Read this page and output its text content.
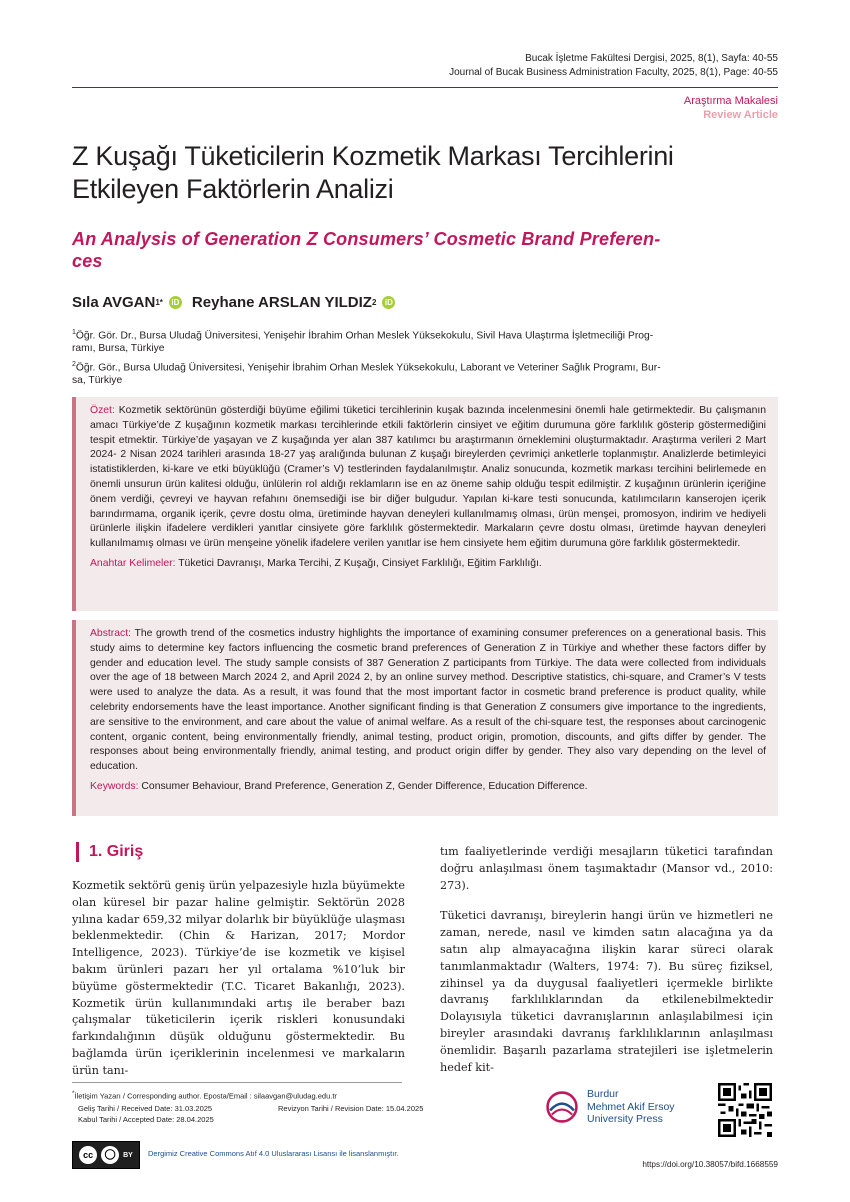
Bucak İşletme Fakültesi Dergisi, 2025, 8(1), Sayfa: 40-55
Journal of Bucak Business Administration Faculty, 2025, 8(1), Page: 40-55
Araştırma Makalesi
Review Article
Z Kuşağı Tüketicilerin Kozmetik Markası Tercihlerini
Etkileyen Faktörlerin Analizi
An Analysis of Generation Z Consumers’ Cosmetic Brand Preferen-
ces
Sıla AVGAN 1*	iD Reyhane ARSLAN YILDIZ 2	iD
$^1$Öğr. Gör. Dr., Bursa Uludağ Üniversitesi, Yenişehir İbrahim Orhan Meslek Yüksekokulu, Sivil Hava Ulaştırma İşletmeciliği Prog-
ramı, Bursa, Türkiye
$^2$Öğr. Gör., Bursa Uludağ Üniversitesi, Yenişehir İbrahim Orhan Meslek Yüksekokulu, Laborant ve Veteriner Sağlık Programı, Bur-
sa, Türkiye

Özet: Kozmetik sektörünün gösterdiği büyüme eğilimi tüketici tercihlerinin kuşak bazında incelenmesini önemli hale getirmektedir. Bu çalışmanın amacı Türkiye’de Z kuşağının kozmetik markası tercihlerinde etkili faktörlerin cinsiyet ve eğitim durumuna göre farklılık gösterip göstermediğini tespit etmektir. Türkiye’de yaşayan ve Z kuşağında yer alan 387 katılımcı bu araştırmanın örneklemini oluşturmaktadır. Araştırma verileri 2 Mart 2024- 2 Nisan 2024 tarihleri arasında 18-27 yaş aralığında bulunan Z kuşağı bireylerden çevrimiçi anketlerle toplanmıştır. Analizlerde betimleyici istatistiklerden, ki-kare ve etki büyüklüğü (Cramer’s V) testlerinden faydalanılmıştır. Analiz sonucunda, kozmetik markası tercihini belirlemede en önemli unsurun ürün kalitesi olduğu, ünlülerin rol aldığı reklamların ise en az öneme sahip olduğu tespit edilmiştir. Z kuşağının ürünlerin içeriğine önem verdiği, çevreyi ve hayvan refahını önemsediği ise bir diğer bulgudur. Yapılan ki-kare testi sonucunda, katılımcıların kanserojen içerik barındırmama, organik içerik, çevre dostu olma, üretiminde hayvan deneyleri kullanılmamış olması, ürün menşei, promosyon, indirim ve hediyeli ürünlerle ilişkin ifadelere verdikleri yanıtlar cinsiyete göre farklılık göstermektedir. Markaların çevre dostu olması, üretimde hayvan deneyleri kullanılmamış olması ve ürün menşeine yönelik ifadelere verilen yanıtlar ise hem cinsiyete hem eğitim durumuna göre farklılık göstermektedir.

Anahtar Kelimeler: Tüketici Davranışı, Marka Tercihi, Z Kuşağı, Cinsiyet Farklılığı, Eğitim Farklılığı.

Abstract: The growth trend of the cosmetics industry highlights the importance of examining consumer preferences on a generational basis. This study aims to determine key factors influencing the cosmetic brand preferences of Generation Z in Türkiye and whether these factors differ by gender and education level. The study sample consists of 387 Generation Z participants from Türkiye. The data were collected from individuals over the age of 18 between March 2024 2, and April 2024 2, by an online survey method. Descriptive statistics, chi-square, and Cramer’s V tests were used to analyze the data. As a result, it was found that the most important factor in cosmetic brand preference is product quality, while celebrity endorsements have the least importance. Another significant finding is that Generation Z consumers give importance to the ingredients, are sensitive to the environment, and care about the value of animal welfare. As a result of the chi-square test, the responses about carcinogenic content, organic content, being environmentally friendly, animal testing, product origin, promotion, discounts, and gifts differ by gender. The responses about being environmentally friendly, animal testing, and product origin differ by gender. They also vary depending on the level of education.

Keywords: Consumer Behaviour, Brand Preference, Generation Z, Gender Difference, Education Difference.

1. Giriş

Kozmetik sektörü geniş ürün yelpazesiyle hızla büyümekte olan küresel bir pazar haline gelmiştir. Sektörün 2028 yılına kadar 659,32 milyar dolarlık bir büyüklüğe ulaşması beklenmektedir. (Chin & Harizan, 2017; Mordor Intelligence, 2023). Türkiye’de ise kozmetik ve kişisel bakım ürünleri pazarı her yıl ortalama %10’luk bir büyüme göstermektedir (T.C. Ticaret Bakanlığı, 2023). Kozmetik ürün kullanımındaki artış ile beraber bazı çalışmalar tüketicilerin içerik riskleri konusundaki farkındalığının düşük olduğunu göstermektedir. Bu bağlamda ürün içeriklerinin incelenmesi ve markaların ürün tanı-

tım faaliyetlerinde verdiği mesajların tüketici tarafından doğru anlaşılması önem taşımaktadır (Mansor vd., 2010: 273).

Tüketici davranışı, bireylerin hangi ürün ve hizmetleri ne zaman, nerede, nasıl ve kimden satın alacağına ya da satın alıp almayacağına ilişkin karar süreci olarak tanımlanmaktadır (Walters, 1974: 7). Bu süreç fiziksel, zihinsel ya da duygusal faaliyetleri içermekle birlikte davranış farklılıklarından da etkilenebilmektedir Dolayısıyla tüketici davranışlarının anlaşılabilmesi için bireyler arasındaki davranış farklılıklarının anlaşılması önemlidir. Başarılı pazarlama stratejileri ise işletmelerin hedef kit-

*İletişim Yazarı / Corresponding author. Eposta/Email : silaavgan@uludag.edu.tr
Geliş Tarihi / Received Date: 31.03.2025	Revizyon Tarihi / Revision Date: 15.04.2025
Kabul Tarihi / Accepted Date: 28.04.2025
cc	◯	BY Dergimiz Creative Commons Atıf 4.0 Uluslararası Lisansı ile lisanslanmıştır.
Burdur
Mehmet Akif Ersoy
University Press
https://doi.org/10.38057/bifd.1668559
